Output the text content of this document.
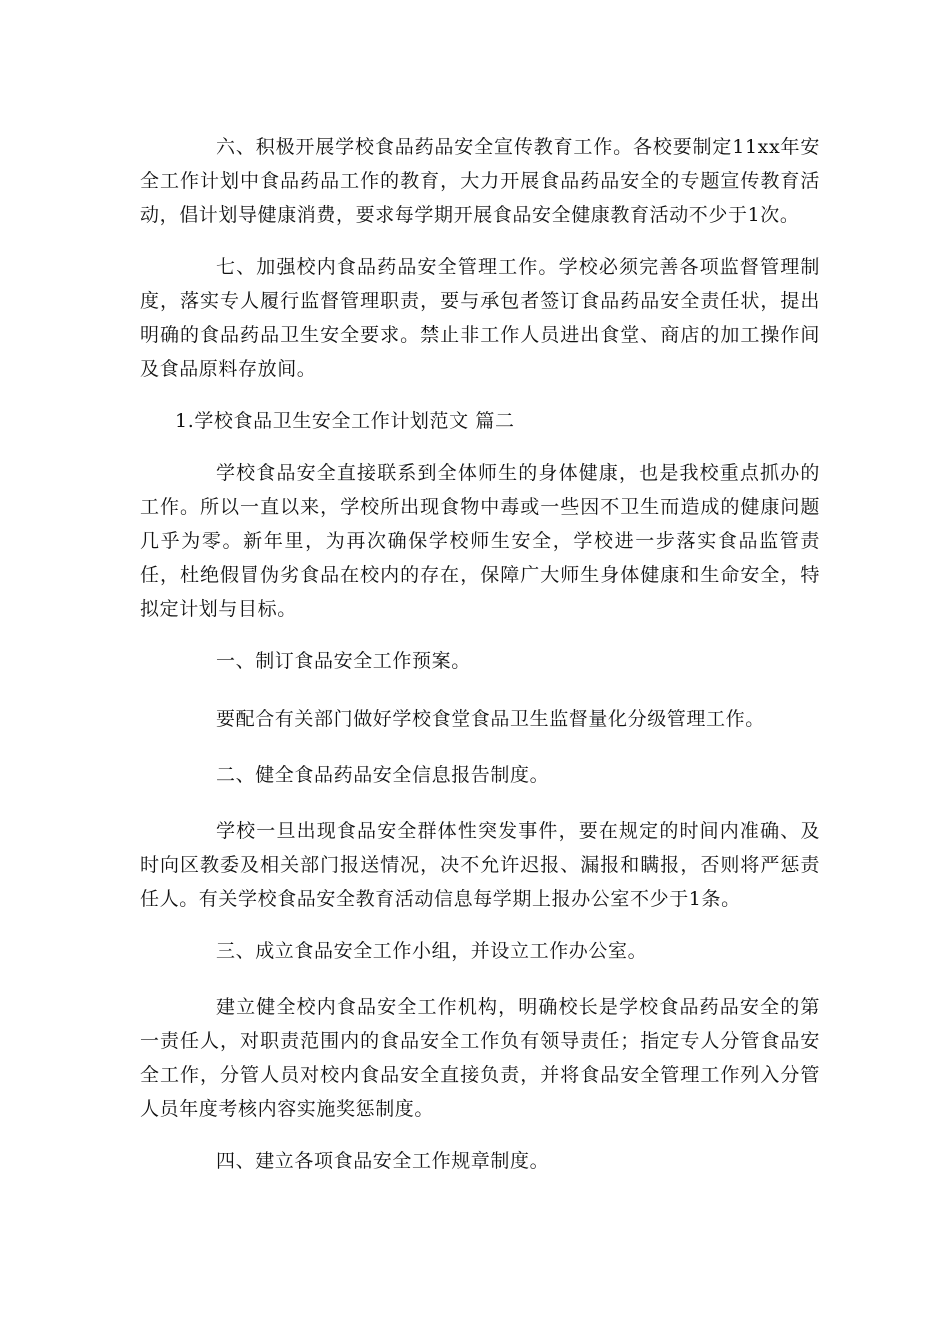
六、积极开展学校食品药品安全宣传教育工作。各校要制定11xx年安全工作计划中食品药品工作的教育，大力开展食品药品安全的专题宣传教育活动，倡计划导健康消费，要求每学期开展食品安全健康教育活动不少于1次。

七、加强校内食品药品安全管理工作。学校必须完善各项监督管理制度，落实专人履行监督管理职责，要与承包者签订食品药品安全责任状，提出明确的食品药品卫生安全要求。禁止非工作人员进出食堂、商店的加工操作间及食品原料存放间。

1.学校食品卫生安全工作计划范文 篇二

学校食品安全直接联系到全体师生的身体健康，也是我校重点抓办的工作。所以一直以来，学校所出现食物中毒或一些因不卫生而造成的健康问题几乎为零。新年里，为再次确保学校师生安全，学校进一步落实食品监管责任，杜绝假冒伪劣食品在校内的存在，保障广大师生身体健康和生命安全，特拟定计划与目标。

一、制订食品安全工作预案。

要配合有关部门做好学校食堂食品卫生监督量化分级管理工作。

二、健全食品药品安全信息报告制度。

学校一旦出现食品安全群体性突发事件，要在规定的时间内准确、及时向区教委及相关部门报送情况，决不允许迟报、漏报和瞒报，否则将严惩责任人。有关学校食品安全教育活动信息每学期上报办公室不少于1条。

三、成立食品安全工作小组，并设立工作办公室。

建立健全校内食品安全工作机构，明确校长是学校食品药品安全的第一责任人，对职责范围内的食品安全工作负有领导责任；指定专人分管食品安全工作，分管人员对校内食品安全直接负责，并将食品安全管理工作列入分管人员年度考核内容实施奖惩制度。

四、建立各项食品安全工作规章制度。
